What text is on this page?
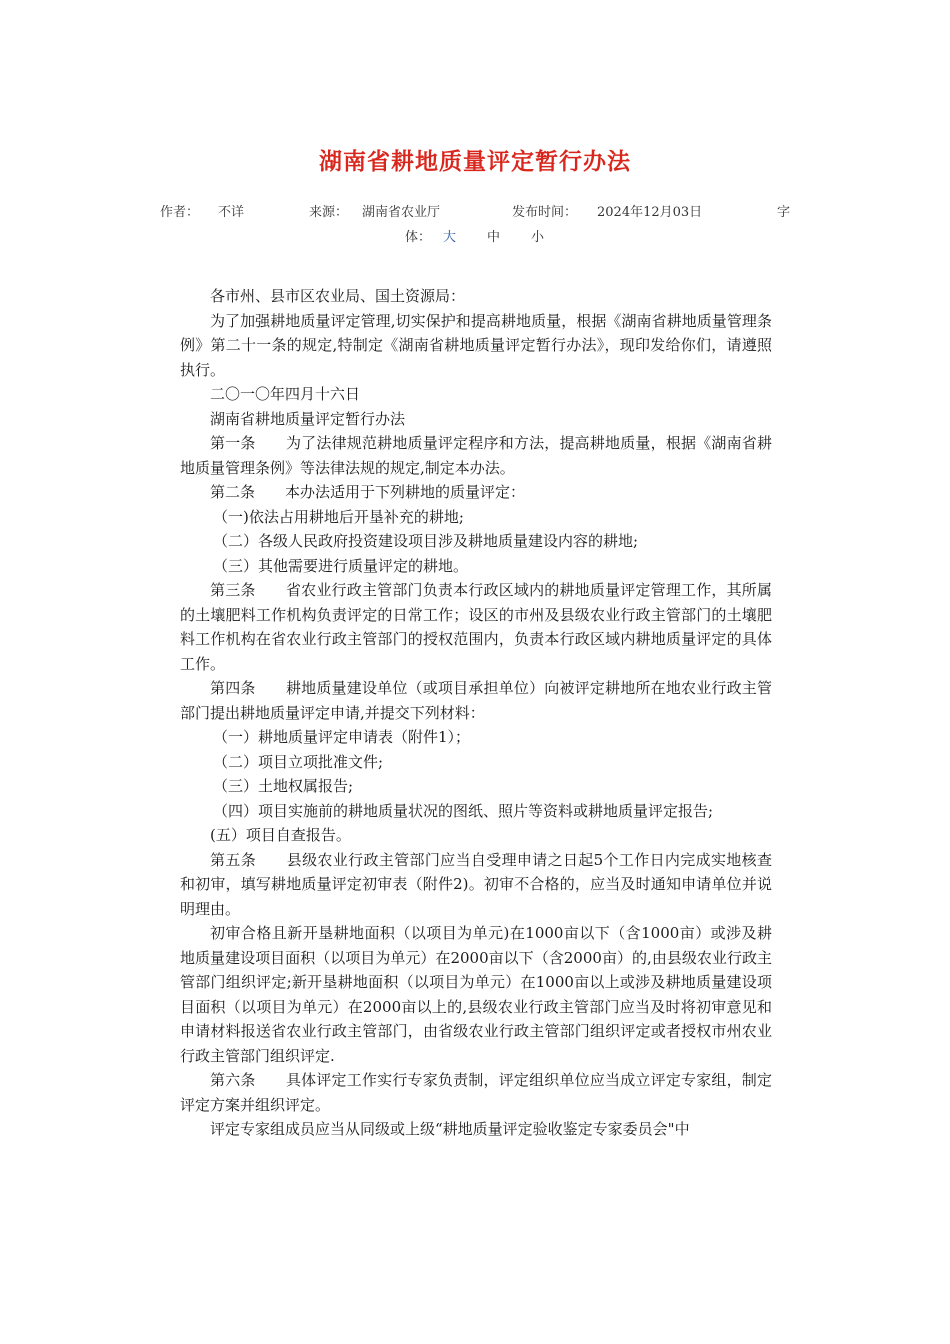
湖南省耕地质量评定暂行办法
作者： 不详	来源： 湖南省农业厅	发布时间： 2024年12月03日	字
体： 大 中 小

各市州、县市区农业局、国土资源局：

为了加强耕地质量评定管理,切实保护和提高耕地质量，根据《湖南省耕地质量管理条例》第二十一条的规定,特制定《湖南省耕地质量评定暂行办法》，现印发给你们，请遵照执行。

二〇一〇年四月十六日

湖南省耕地质量评定暂行办法

第一条　　为了法律规范耕地质量评定程序和方法，提高耕地质量，根据《湖南省耕地质量管理条例》等法律法规的规定,制定本办法。

第二条　　本办法适用于下列耕地的质量评定：

（一)依法占用耕地后开垦补充的耕地;

（二）各级人民政府投资建设项目涉及耕地质量建设内容的耕地;

（三）其他需要进行质量评定的耕地。

第三条　　省农业行政主管部门负责本行政区域内的耕地质量评定管理工作，其所属的土壤肥料工作机构负责评定的日常工作；设区的市州及县级农业行政主管部门的土壤肥料工作机构在省农业行政主管部门的授权范围内，负责本行政区域内耕地质量评定的具体工作。

第四条　　耕地质量建设单位（或项目承担单位）向被评定耕地所在地农业行政主管部门提出耕地质量评定申请,并提交下列材料：

（一）耕地质量评定申请表（附件1）；

（二）项目立项批准文件;

（三）土地权属报告;

（四）项目实施前的耕地质量状况的图纸、照片等资料或耕地质量评定报告;

(五）项目自查报告。

第五条　　县级农业行政主管部门应当自受理申请之日起5个工作日内完成实地核查和初审，填写耕地质量评定初审表（附件2)。初审不合格的，应当及时通知申请单位并说明理由。

初审合格且新开垦耕地面积（以项目为单元)在1000亩以下（含1000亩）或涉及耕地质量建设项目面积（以项目为单元）在2000亩以下（含2000亩）的,由县级农业行政主管部门组织评定;新开垦耕地面积（以项目为单元）在1000亩以上或涉及耕地质量建设项目面积（以项目为单元）在2000亩以上的,县级农业行政主管部门应当及时将初审意见和申请材料报送省农业行政主管部门，由省级农业行政主管部门组织评定或者授权市州农业行政主管部门组织评定.

第六条　　具体评定工作实行专家负责制，评定组织单位应当成立评定专家组，制定评定方案并组织评定。

评定专家组成员应当从同级或上级“耕地质量评定验收鉴定专家委员会"中
